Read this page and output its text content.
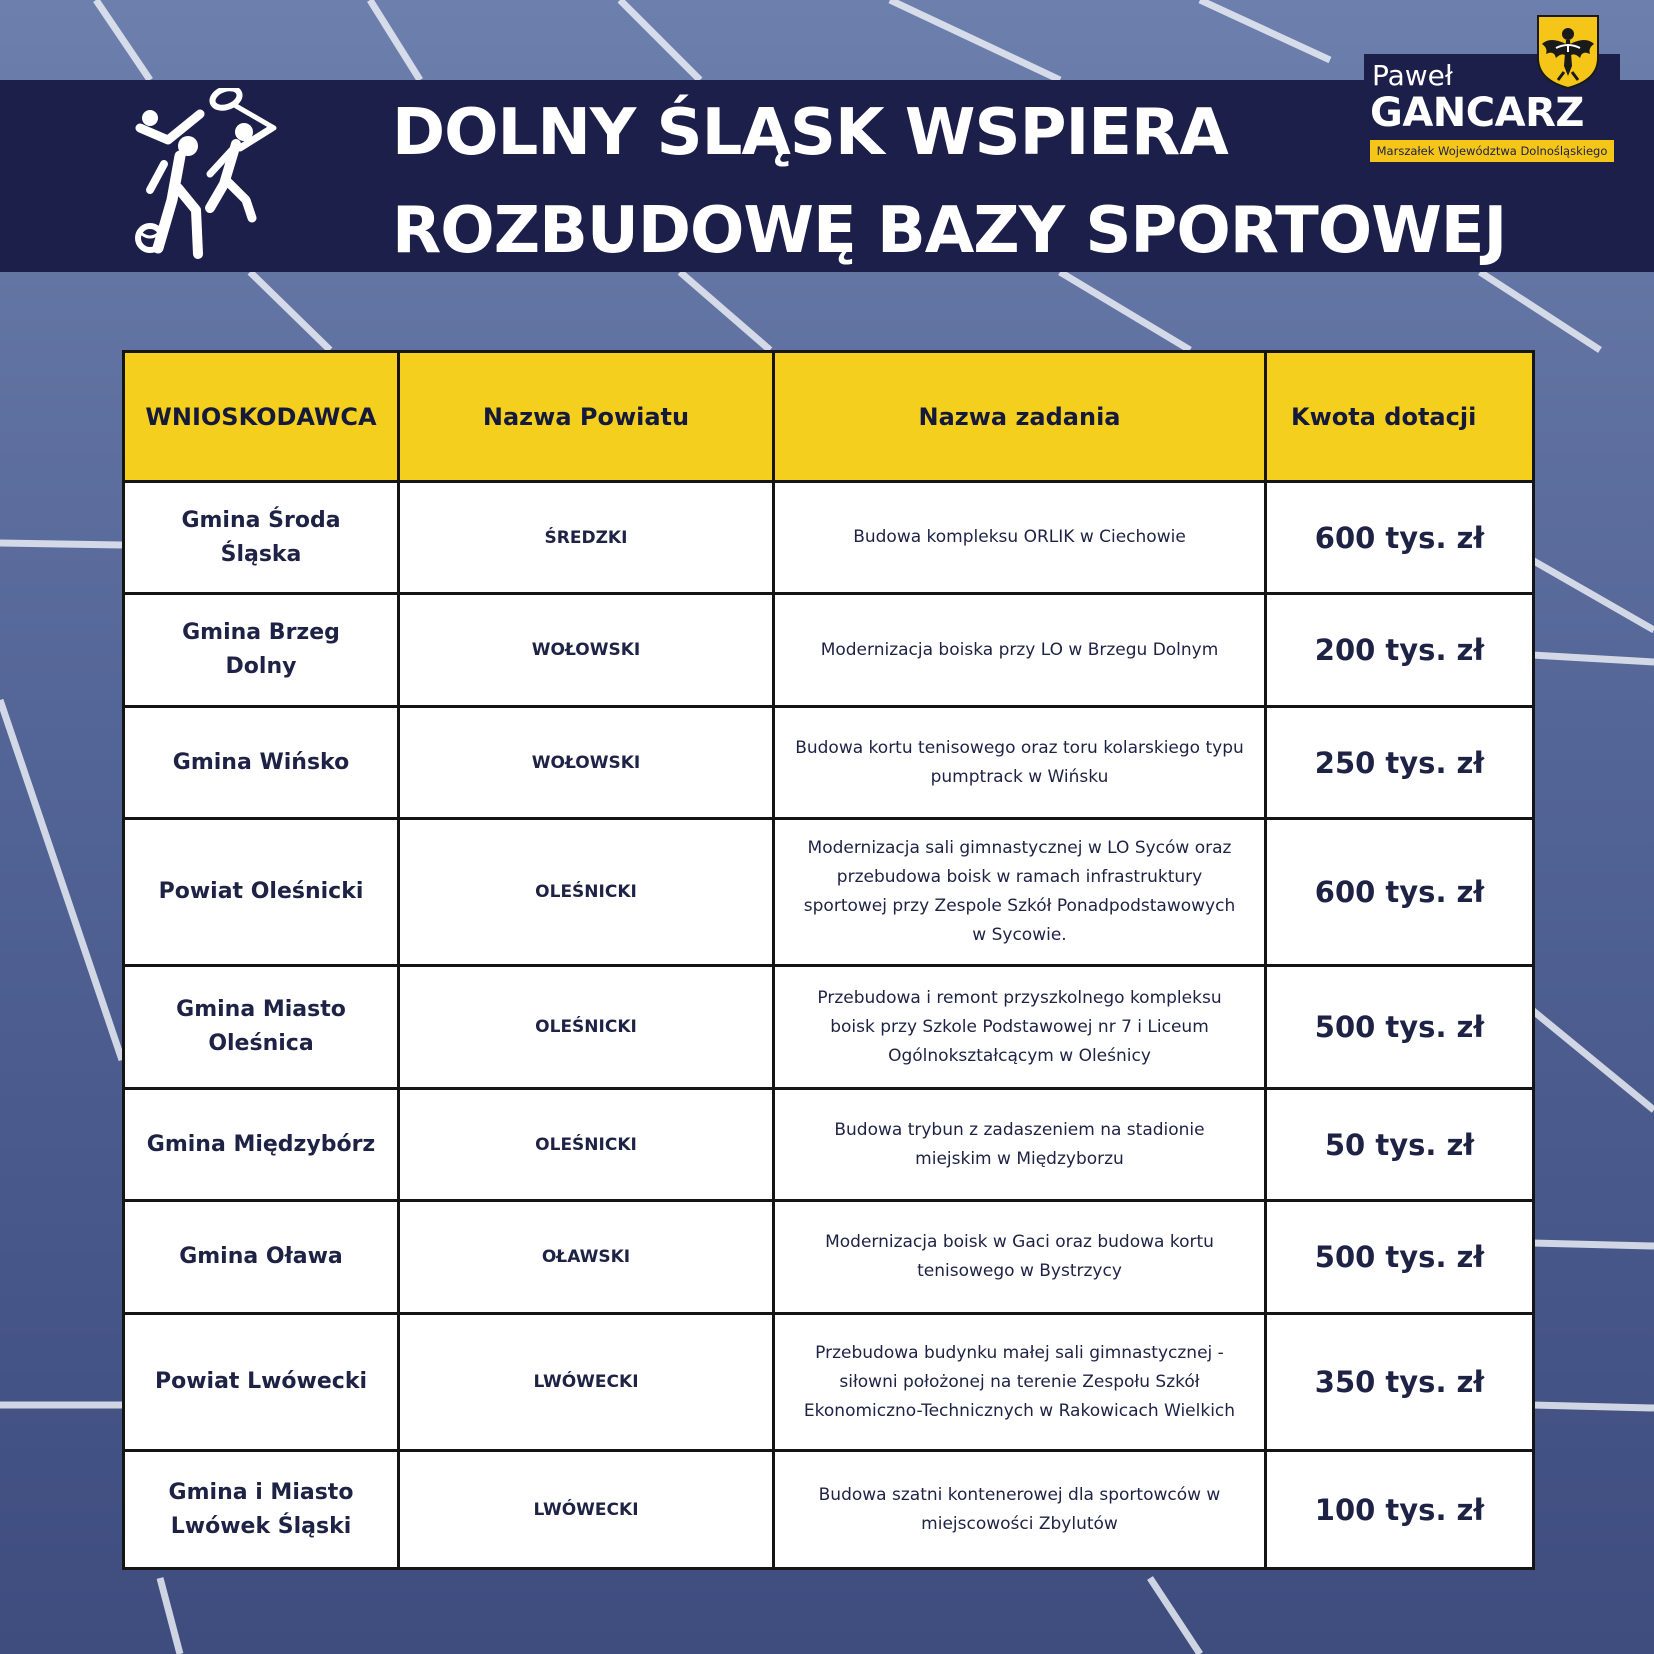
DOLNY ŚLĄSK WSPIERA
ROZBUDOWĘ BAZY SPORTOWEJ
Paweł
GANCARZ
Marszałek Województwa Dolnośląskiego
WNIOSKODAWCA	Nazwa Powiatu	Nazwa zadania	Kwota dotacji
Gmina Środa Śląska	ŚREDZKI	Budowa kompleksu ORLIK w Ciechowie	600 tys. zł
Gmina Brzeg Dolny	WOŁOWSKI	Modernizacja boiska przy LO w Brzegu Dolnym	200 tys. zł
Gmina Wińsko	WOŁOWSKI	Budowa kortu tenisowego oraz toru kolarskiego typu pumptrack w Wińsku	250 tys. zł
Powiat Oleśnicki	OLEŚNICKI	Modernizacja sali gimnastycznej w LO Syców oraz przebudowa boisk w ramach infrastruktury sportowej przy Zespole Szkół Ponadpodstawowych w Sycowie.	600 tys. zł
Gmina Miasto Oleśnica	OLEŚNICKI	Przebudowa i remont przyszkolnego kompleksu boisk przy Szkole Podstawowej nr 7 i Liceum Ogólnokształcącym w Oleśnicy	500 tys. zł
Gmina Międzybórz	OLEŚNICKI	Budowa trybun z zadaszeniem na stadionie miejskim w Międzyborzu	50 tys. zł
Gmina Oława	OŁAWSKI	Modernizacja boisk w Gaci oraz budowa kortu tenisowego w Bystrzycy	500 tys. zł
Powiat Lwówecki	LWÓWECKI	Przebudowa budynku małej sali gimnastycznej - siłowni położonej na terenie Zespołu Szkół Ekonomiczno-Technicznych w Rakowicach Wielkich	350 tys. zł
Gmina i Miasto Lwówek Śląski	LWÓWECKI	Budowa szatni kontenerowej dla sportowców w miejscowości Zbylutów	100 tys. zł
